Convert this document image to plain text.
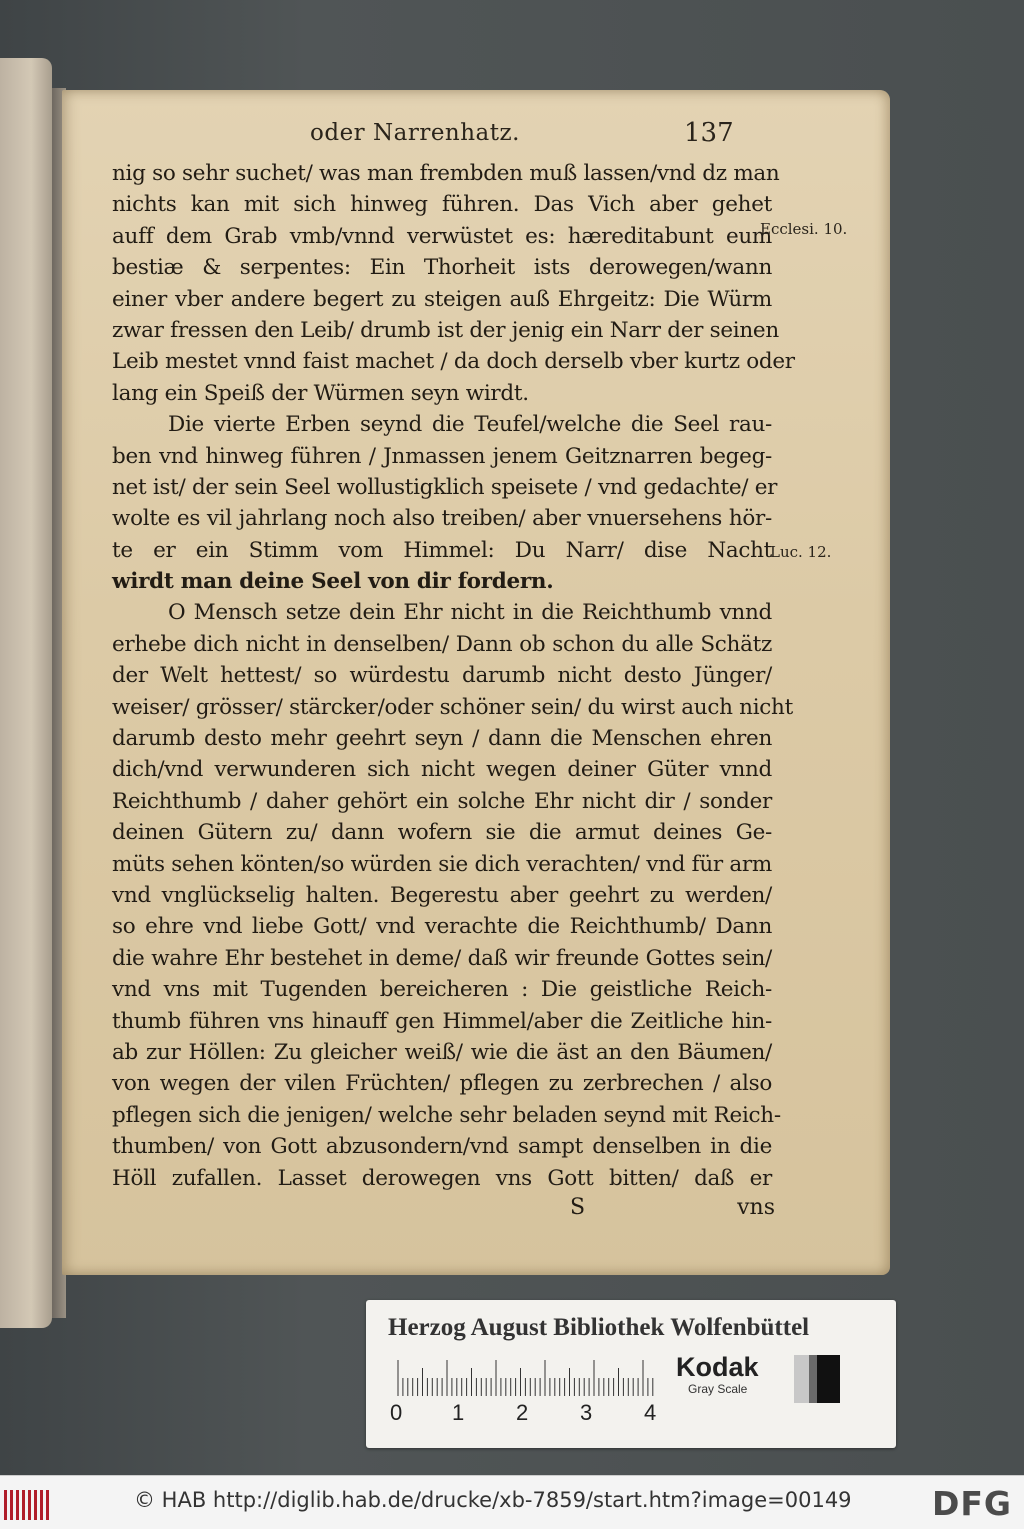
oder Narrenhatz.	137
nig so sehr suchet/ was man frembden muß lassen/vnd dz man
nichts kan mit sich hinweg führen. Das Vich aber gehet
auff dem Grab vmb/vnnd verwüstet es: hæreditabunt eum
bestiæ & serpentes: Ein Thorheit ists derowegen/wann
einer vber andere begert zu steigen auß Ehrgeitz: Die Würm
zwar fressen den Leib/ drumb ist der jenig ein Narr der seinen
Leib mestet vnnd faist machet / da doch derselb vber kurtz oder
lang ein Speiß der Würmen seyn wirdt.
Die vierte Erben seynd die Teufel/welche die Seel rau-
ben vnd hinweg führen / Jnmassen jenem Geitznarren begeg-
net ist/ der sein Seel wollustigklich speisete / vnd gedachte/ er
wolte es vil jahrlang noch also treiben/ aber vnuersehens hör-
te er ein Stimm vom Himmel: Du Narr/ dise Nacht
wirdt man deine Seel von dir fordern.
O Mensch setze dein Ehr nicht in die Reichthumb vnnd
erhebe dich nicht in denselben/ Dann ob schon du alle Schätz
der Welt hettest/ so würdestu darumb nicht desto Jünger/
weiser/ grösser/ stärcker/oder schöner sein/ du wirst auch nicht
darumb desto mehr geehrt seyn / dann die Menschen ehren
dich/vnd verwunderen sich nicht wegen deiner Güter vnnd
Reichthumb / daher gehört ein solche Ehr nicht dir / sonder
deinen Gütern zu/ dann wofern sie die armut deines Ge-
müts sehen könten/so würden sie dich verachten/ vnd für arm
vnd vnglückselig halten. Begerestu aber geehrt zu werden/
so ehre vnd liebe Gott/ vnd verachte die Reichthumb/ Dann
die wahre Ehr bestehet in deme/ daß wir freunde Gottes sein/
vnd vns mit Tugenden bereicheren : Die geistliche Reich-
thumb führen vns hinauff gen Himmel/aber die Zeitliche hin-
ab zur Höllen: Zu gleicher weiß/ wie die äst an den Bäumen/
von wegen der vilen Früchten/ pflegen zu zerbrechen / also
pflegen sich die jenigen/ welche sehr beladen seynd mit Reich-
thumben/ von Gott abzusondern/vnd sampt denselben in die
Höll zufallen. Lasset derowegen vns Gott bitten/ daß er
Ecclesi. 10.
Luc. 12.
S	vns
Herzog August Bibliothek Wolfenbüttel
0 1 2 3 4
Kodak
Gray Scale
© HAB http://diglib.hab.de/drucke/xb-7859/start.htm?image=00149 DFG
